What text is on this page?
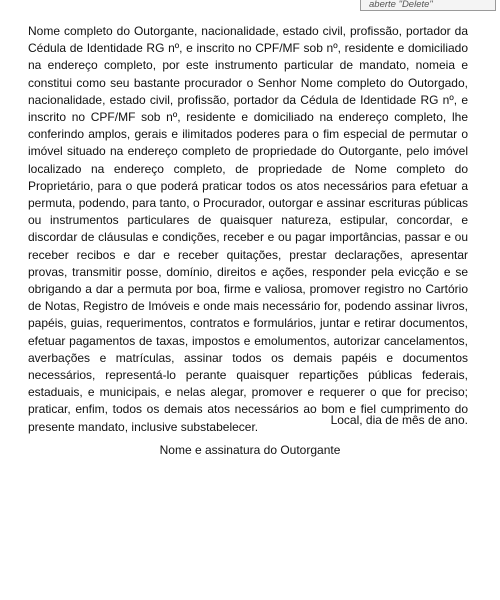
aberte "Delete"

Nome completo do Outorgante, nacionalidade, estado civil, profissão, portador da Cédula de Identidade RG nº, e inscrito no CPF/MF sob nº, residente e domiciliado na endereço completo, por este instrumento particular de mandato, nomeia e constitui como seu bastante procurador o Senhor Nome completo do Outorgado, nacionalidade, estado civil, profissão, portador da Cédula de Identidade RG nº, e inscrito no CPF/MF sob nº, residente e domiciliado na endereço completo, lhe conferindo amplos, gerais e ilimitados poderes para o fim especial de permutar o imóvel situado na endereço completo de propriedade do Outorgante, pelo imóvel localizado na endereço completo, de propriedade de Nome completo do Proprietário, para o que poderá praticar todos os atos necessários para efetuar a permuta, podendo, para tanto, o Procurador, outorgar e assinar escrituras públicas ou instrumentos particulares de quaisquer natureza, estipular, concordar, e discordar de cláusulas e condições, receber e ou pagar importâncias, passar e ou receber recibos e dar e receber quitações, prestar declarações, apresentar provas, transmitir posse, domínio, direitos e ações, responder pela evicção e se obrigando a dar a permuta por boa, firme e valiosa, promover registro no Cartório de Notas, Registro de Imóveis e onde mais necessário for, podendo assinar livros, papéis, guias, requerimentos, contratos e formulários, juntar e retirar documentos, efetuar pagamentos de taxas, impostos e emolumentos, autorizar cancelamentos, averbações e matrículas, assinar todos os demais papéis e documentos necessários, representá-lo perante quaisquer repartições públicas federais, estaduais, e municipais, e nelas alegar, promover e requerer o que for preciso; praticar, enfim, todos os demais atos necessários ao bom e fiel cumprimento do presente mandato, inclusive substabelecer.	Local, dia de mês de ano.

Nome e assinatura do Outorgante
